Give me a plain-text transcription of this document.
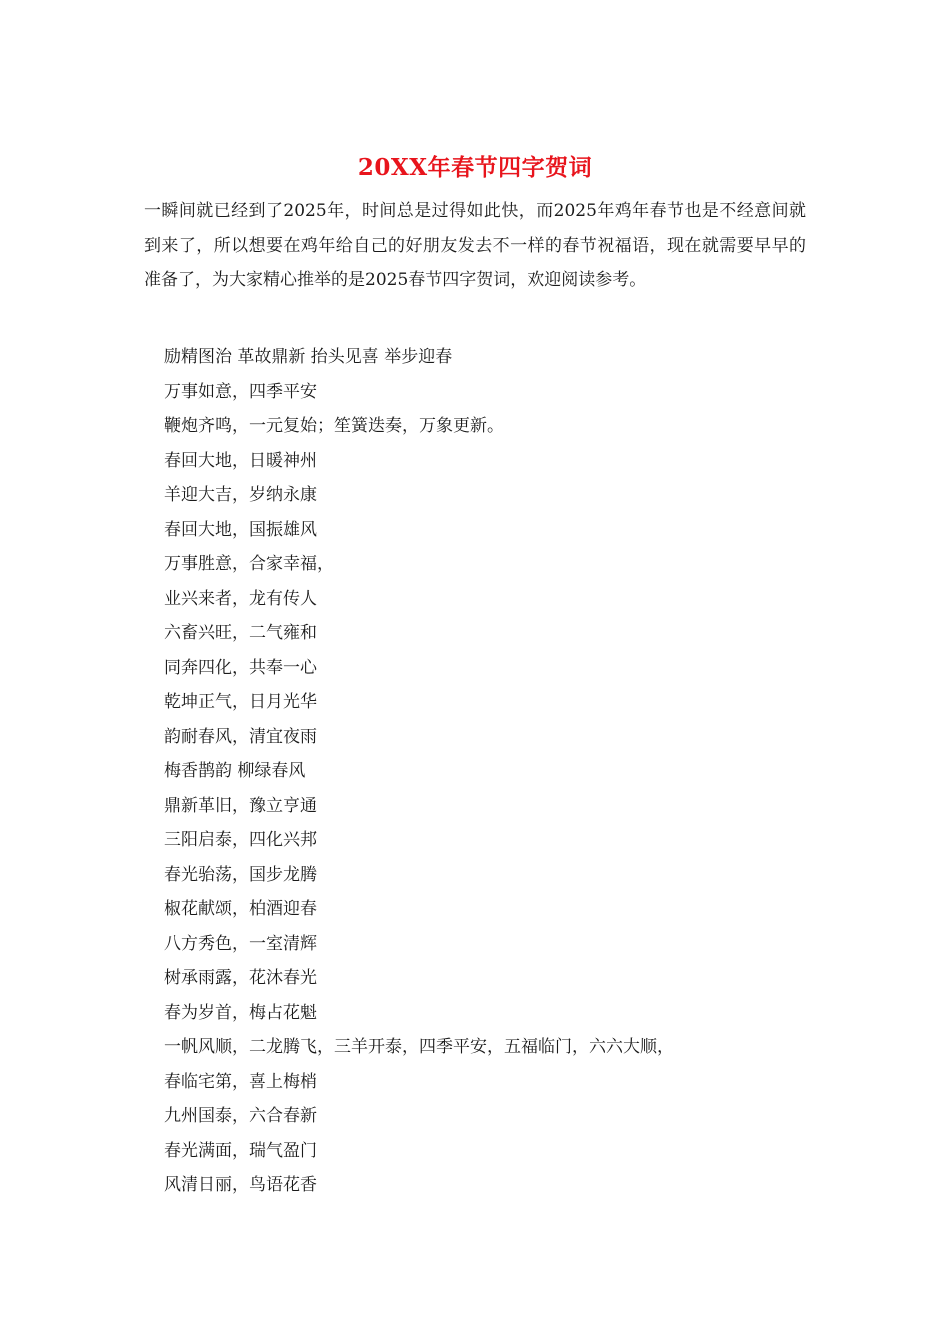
20XX年春节四字贺词

一瞬间就已经到了2025年，时间总是过得如此快，而2025年鸡年春节也是不经意间就到来了，所以想要在鸡年给自己的好朋友发去不一样的春节祝福语，现在就需要早早的准备了，为大家精心推举的是2025春节四字贺词，欢迎阅读参考。

励精图治 革故鼎新 抬头见喜 举步迎春
万事如意，四季平安
鞭炮齐鸣，一元复始；笙簧迭奏，万象更新。
春回大地，日暖神州
羊迎大吉，岁纳永康
春回大地，国振雄风
万事胜意，合家幸福，
业兴来者，龙有传人
六畜兴旺，二气雍和
同奔四化，共奉一心
乾坤正气，日月光华
韵耐春风，清宜夜雨
梅香鹊韵 柳绿春风
鼎新革旧，豫立亨通
三阳启泰，四化兴邦
春光骀荡，国步龙腾
椒花献颂，柏酒迎春
八方秀色，一室清辉
树承雨露，花沐春光
春为岁首，梅占花魁
一帆风顺，二龙腾飞，三羊开泰，四季平安，五福临门，六六大顺，
春临宅第，喜上梅梢
九州国泰，六合春新
春光满面，瑞气盈门
风清日丽，鸟语花香
